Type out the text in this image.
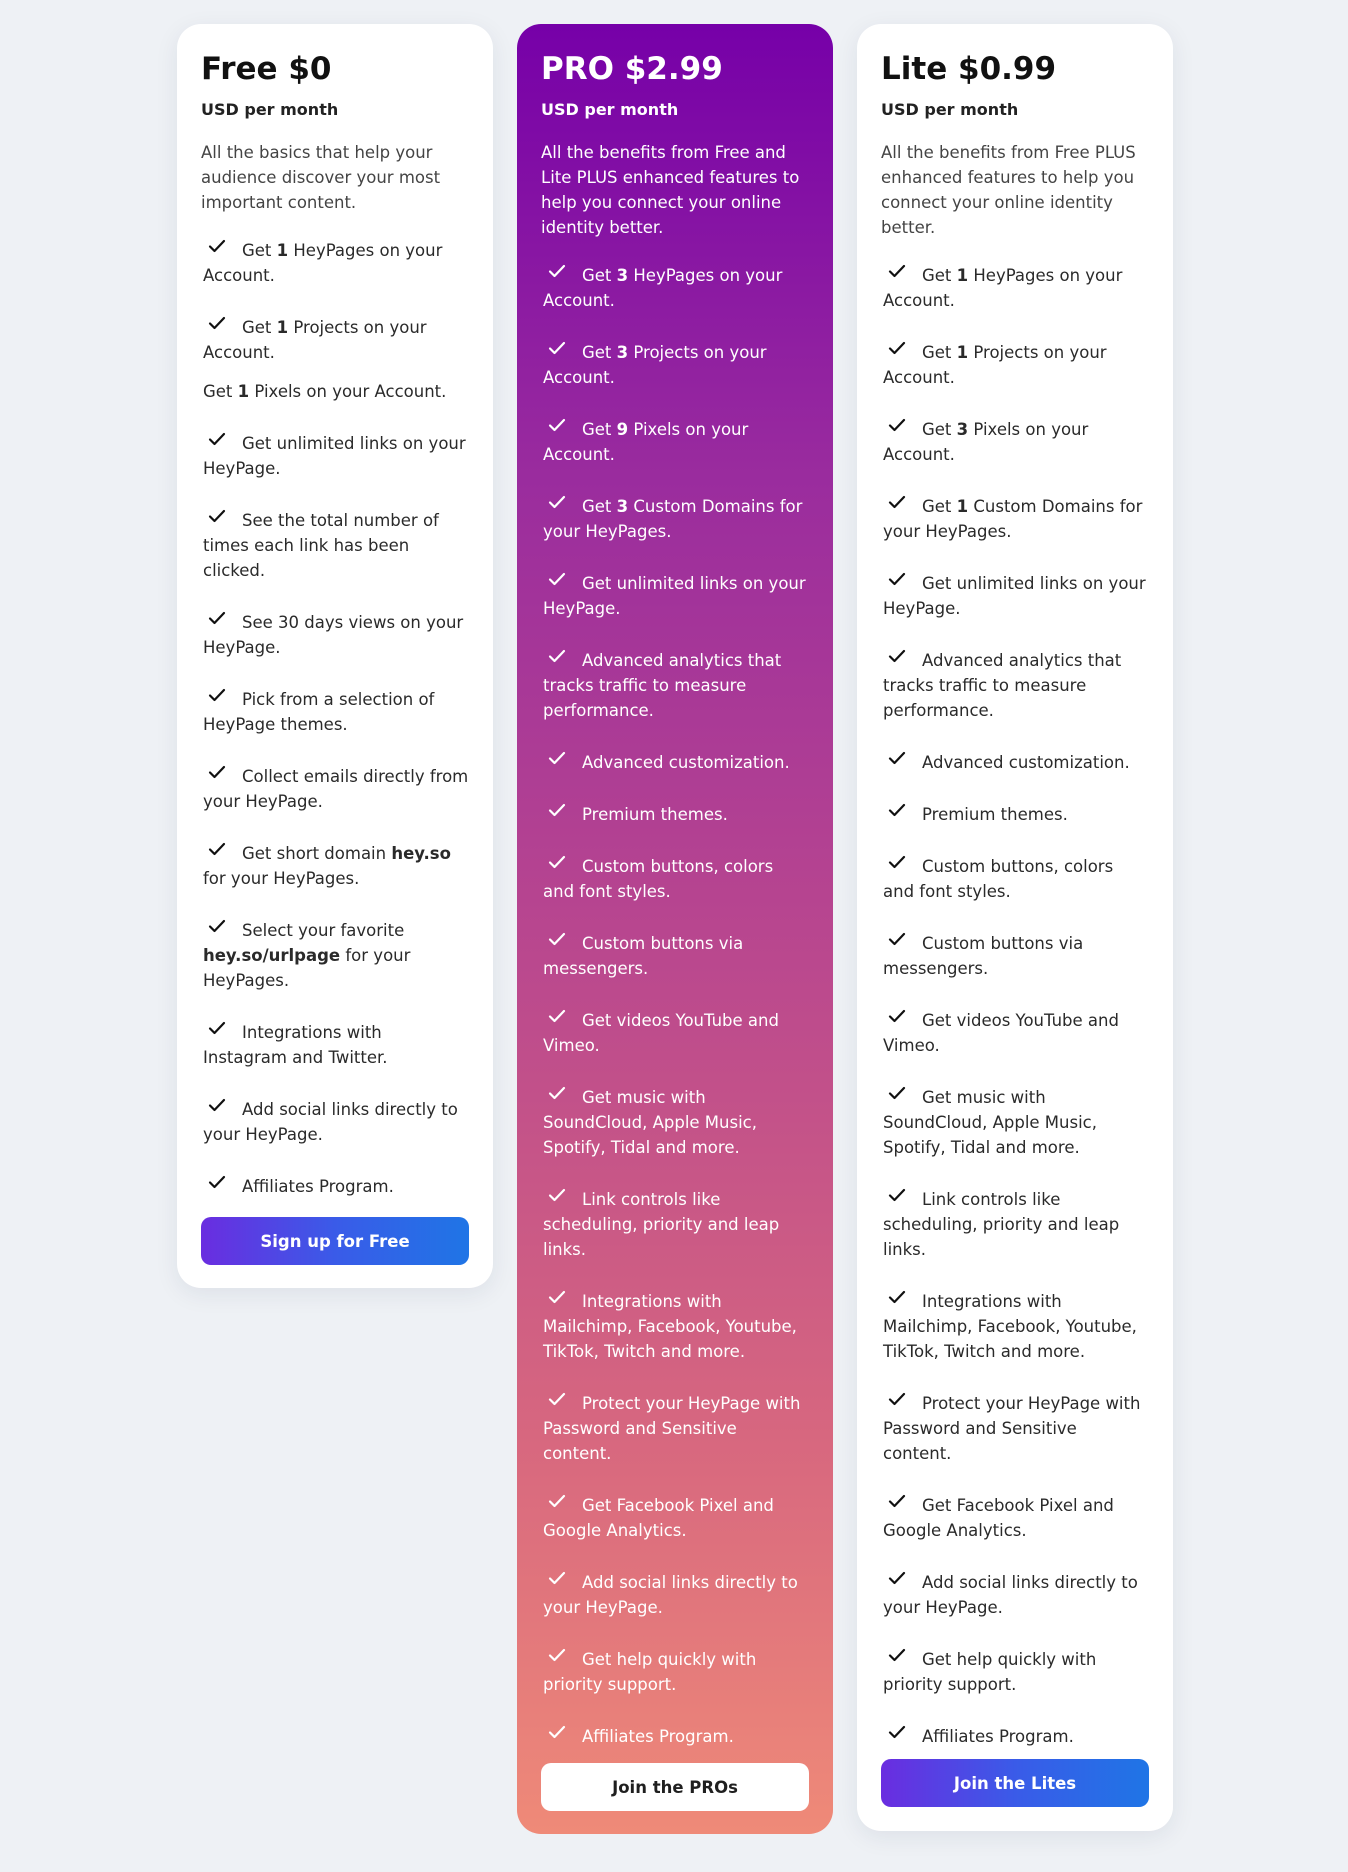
Free $0
USD per month
All the basics that help your audience discover your most important content.
Get 1 HeyPages on your Account.
Get 1 Projects on your Account.
Get 1 Pixels on your Account.
Get unlimited links on your HeyPage.
See the total number of times each link has been clicked.
See 30 days views on your HeyPage.
Pick from a selection of HeyPage themes.
Collect emails directly from your HeyPage.
Get short domain hey.so for your HeyPages.
Select your favorite hey.so/urlpage for your HeyPages.
Integrations with Instagram and Twitter.
Add social links directly to your HeyPage.
Affiliates Program.
Sign up for Free
PRO $2.99
USD per month
All the benefits from Free and Lite PLUS enhanced features to help you connect your online identity better.
Get 3 HeyPages on your Account.
Get 3 Projects on your Account.
Get 9 Pixels on your Account.
Get 3 Custom Domains for your HeyPages.
Get unlimited links on your HeyPage.
Advanced analytics that tracks traffic to measure performance.
Advanced customization.
Premium themes.
Custom buttons, colors and font styles.
Custom buttons via messengers.
Get videos YouTube and Vimeo.
Get music with SoundCloud, Apple Music, Spotify, Tidal and more.
Link controls like scheduling, priority and leap links.
Integrations with Mailchimp, Facebook, Youtube, TikTok, Twitch and more.
Protect your HeyPage with Password and Sensitive content.
Get Facebook Pixel and Google Analytics.
Add social links directly to your HeyPage.
Get help quickly with priority support.
Affiliates Program.
Join the PROs
Lite $0.99
USD per month
All the benefits from Free PLUS enhanced features to help you connect your online identity better.
Get 1 HeyPages on your Account.
Get 1 Projects on your Account.
Get 3 Pixels on your Account.
Get 1 Custom Domains for your HeyPages.
Get unlimited links on your HeyPage.
Advanced analytics that tracks traffic to measure performance.
Advanced customization.
Premium themes.
Custom buttons, colors and font styles.
Custom buttons via messengers.
Get videos YouTube and Vimeo.
Get music with SoundCloud, Apple Music, Spotify, Tidal and more.
Link controls like scheduling, priority and leap links.
Integrations with Mailchimp, Facebook, Youtube, TikTok, Twitch and more.
Protect your HeyPage with Password and Sensitive content.
Get Facebook Pixel and Google Analytics.
Add social links directly to your HeyPage.
Get help quickly with priority support.
Affiliates Program.
Join the Lites
